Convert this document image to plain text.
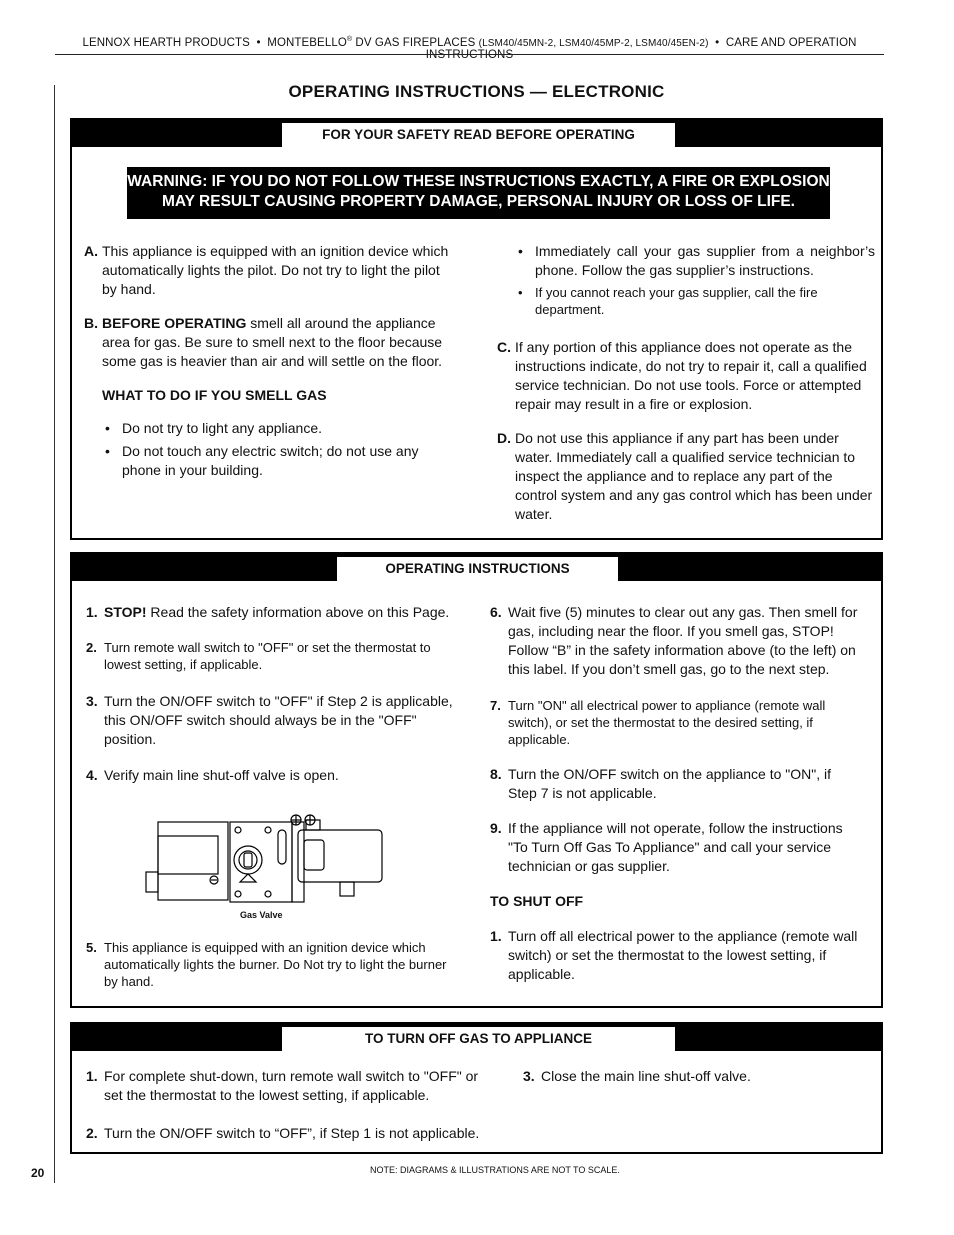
LENNOX HEARTH PRODUCTS • MONTEBELLO® DV GAS FIREPLACES (LSM40/45MN-2, LSM40/45MP-2, LSM40/45EN-2) • CARE AND OPERATION
OPERATING INSTRUCTIONS — ELECTRONIC
FOR YOUR SAFETY READ BEFORE OPERATING
WARNING: IF YOU DO NOT FOLLOW THESE INSTRUCTIONS EXACTLY, A FIRE OR EXPLOSION
MAY RESULT CAUSING PROPERTY DAMAGE, PERSONAL INJURY OR LOSS OF LIFE.
A. This appliance is equipped with an ignition device which automatically lights the pilot. Do not try to light the pilot by hand.
B. BEFORE OPERATING smell all around the appliance area for gas. Be sure to smell next to the floor because some gas is heavier than air and will settle on the floor.
WHAT TO DO IF YOU SMELL GAS
• Do not try to light any appliance.
• Do not touch any electric switch; do not use any phone in your building.
• Immediately call your gas supplier from a neighbor’s phone. Follow the gas supplier’s instructions.
• If you cannot reach your gas supplier, call the fire department.
C. If any portion of this appliance does not operate as the instructions indicate, do not try to repair it, call a qualified service technician. Do not use tools. Force or attempted repair may result in a fire or explosion.
D. Do not use this appliance if any part has been under water. Immediately call a qualified service technician to inspect the appliance and to replace any part of the control system and any gas control which has been under water.
OPERATING INSTRUCTIONS
1. STOP! Read the safety information above on this Page.
2. Turn remote wall switch to "OFF" or set the thermostat to lowest setting, if applicable.
3. Turn the ON/OFF switch to "OFF" if Step 2 is applicable, this ON/OFF switch should always be in the "OFF" position.
4. Verify main line shut-off valve is open.
5. This appliance is equipped with an ignition device which automatically lights the burner. Do Not try to light the burner by hand.
6. Wait five (5) minutes to clear out any gas. Then smell for gas, including near the floor. If you smell gas, STOP! Follow “B” in the safety information above (to the left) on this label. If you don’t smell gas, go to the next step.
7. Turn "ON" all electrical power to appliance (remote wall switch), or set the thermostat to the desired setting, if applicable.
8. Turn the ON/OFF switch on the appliance to "ON", if Step 7 is not applicable.
9. If the appliance will not operate, follow the instructions "To Turn Off Gas To Appliance" and call your service technician or gas supplier.
TO SHUT OFF
1. Turn off all electrical power to the appliance (remote wall switch) or set the thermostat to the lowest setting, if applicable.
Gas Valve
TO TURN OFF GAS TO APPLIANCE
1. For complete shut-down, turn remote wall switch to "OFF" or set the thermostat to the lowest setting, if applicable.
2. Turn the ON/OFF switch to “OFF”, if Step 1 is not applicable.
3. Close the main line shut-off valve.
20	NOTE: DIAGRAMS & ILLUSTRATIONS ARE NOT TO SCALE.
